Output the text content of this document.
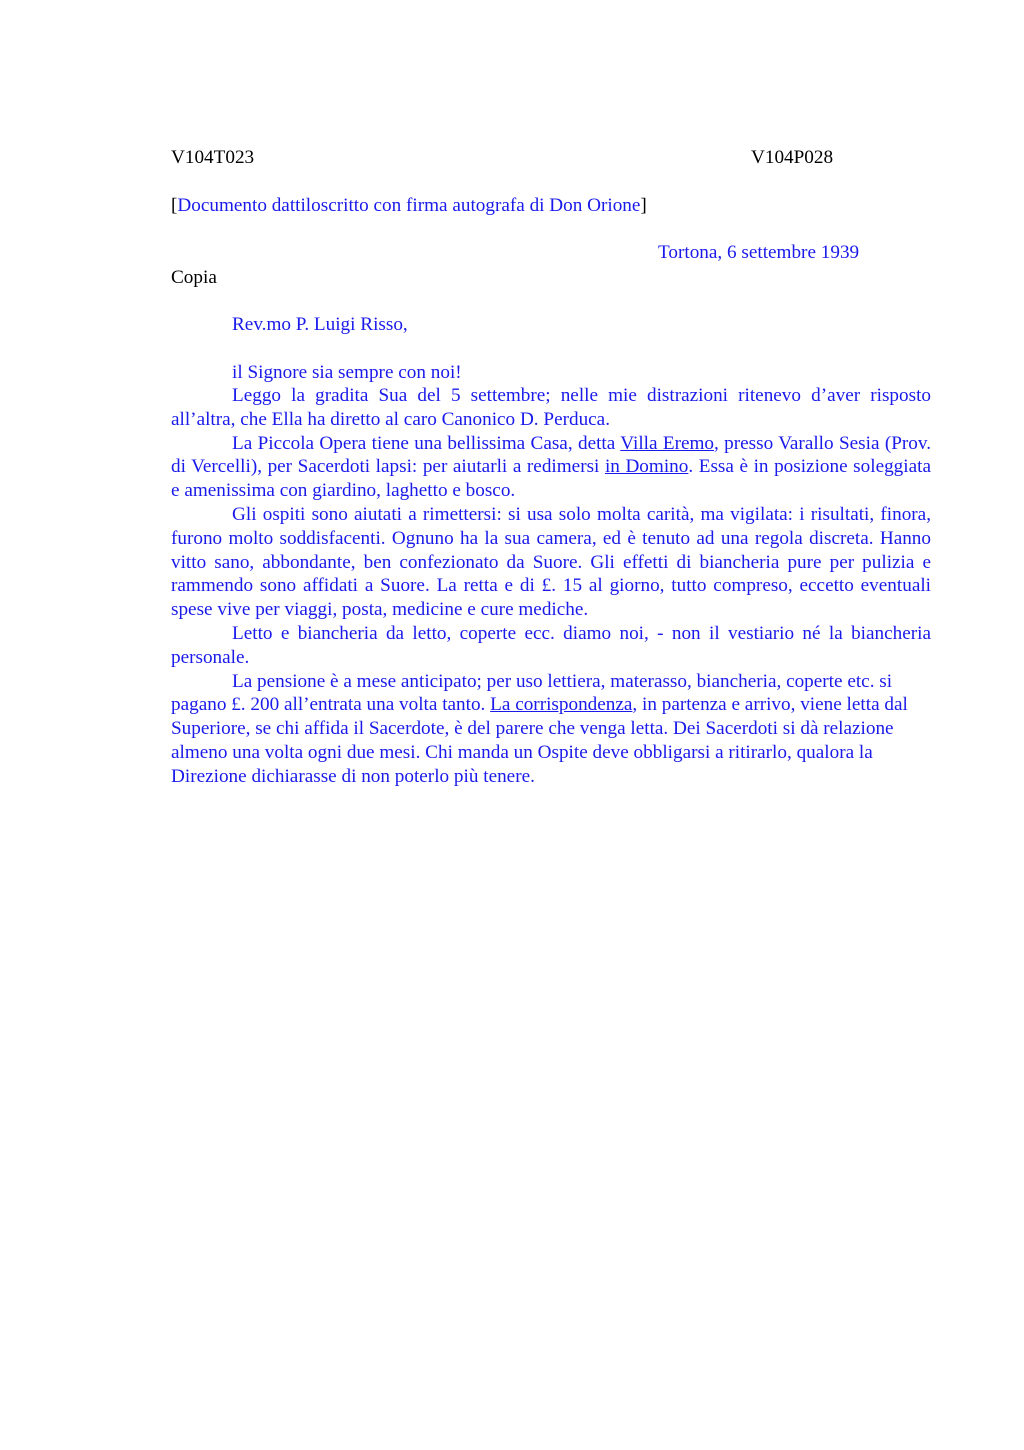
V104T023	V104P028
[Documento dattiloscritto con firma autografa di Don Orione]
Tortona, 6 settembre 1939
Copia
Rev.mo P. Luigi Risso,
il Signore sia sempre con noi!

Leggo la gradita Sua del 5 settembre; nelle mie distrazioni ritenevo d’aver risposto all’altra, che Ella ha diretto al caro Canonico D. Perduca.

La Piccola Opera tiene una bellissima Casa, detta Villa Eremo, presso Varallo Sesia (Prov. di Vercelli), per Sacerdoti lapsi: per aiutarli a redimersi in Domino. Essa è in posizione soleggiata e amenissima con giardino, laghetto e bosco.

Gli ospiti sono aiutati a rimettersi: si usa solo molta carità, ma vigilata: i risultati, finora, furono molto soddisfacenti. Ognuno ha la sua camera, ed è tenuto ad una regola discreta. Hanno vitto sano, abbondante, ben confezionato da Suore. Gli effetti di biancheria pure per pulizia e rammendo sono affidati a Suore. La retta e di £. 15 al giorno, tutto compreso, eccetto eventuali spese vive per viaggi, posta, medicine e cure mediche.

Letto e biancheria da letto, coperte ecc. diamo noi, - non il vestiario né la biancheria personale.

La pensione è a mese anticipato; per uso lettiera, materasso, biancheria, coperte etc. si pagano £. 200 all’entrata una volta tanto. La corrispondenza, in partenza e arrivo, viene letta dal Superiore, se chi affida il Sacerdote, è del parere che venga letta. Dei Sacerdoti si dà relazione almeno una volta ogni due mesi. Chi manda un Ospite deve obbligarsi a ritirarlo, qualora la Direzione dichiarasse di non poterlo più tenere.
